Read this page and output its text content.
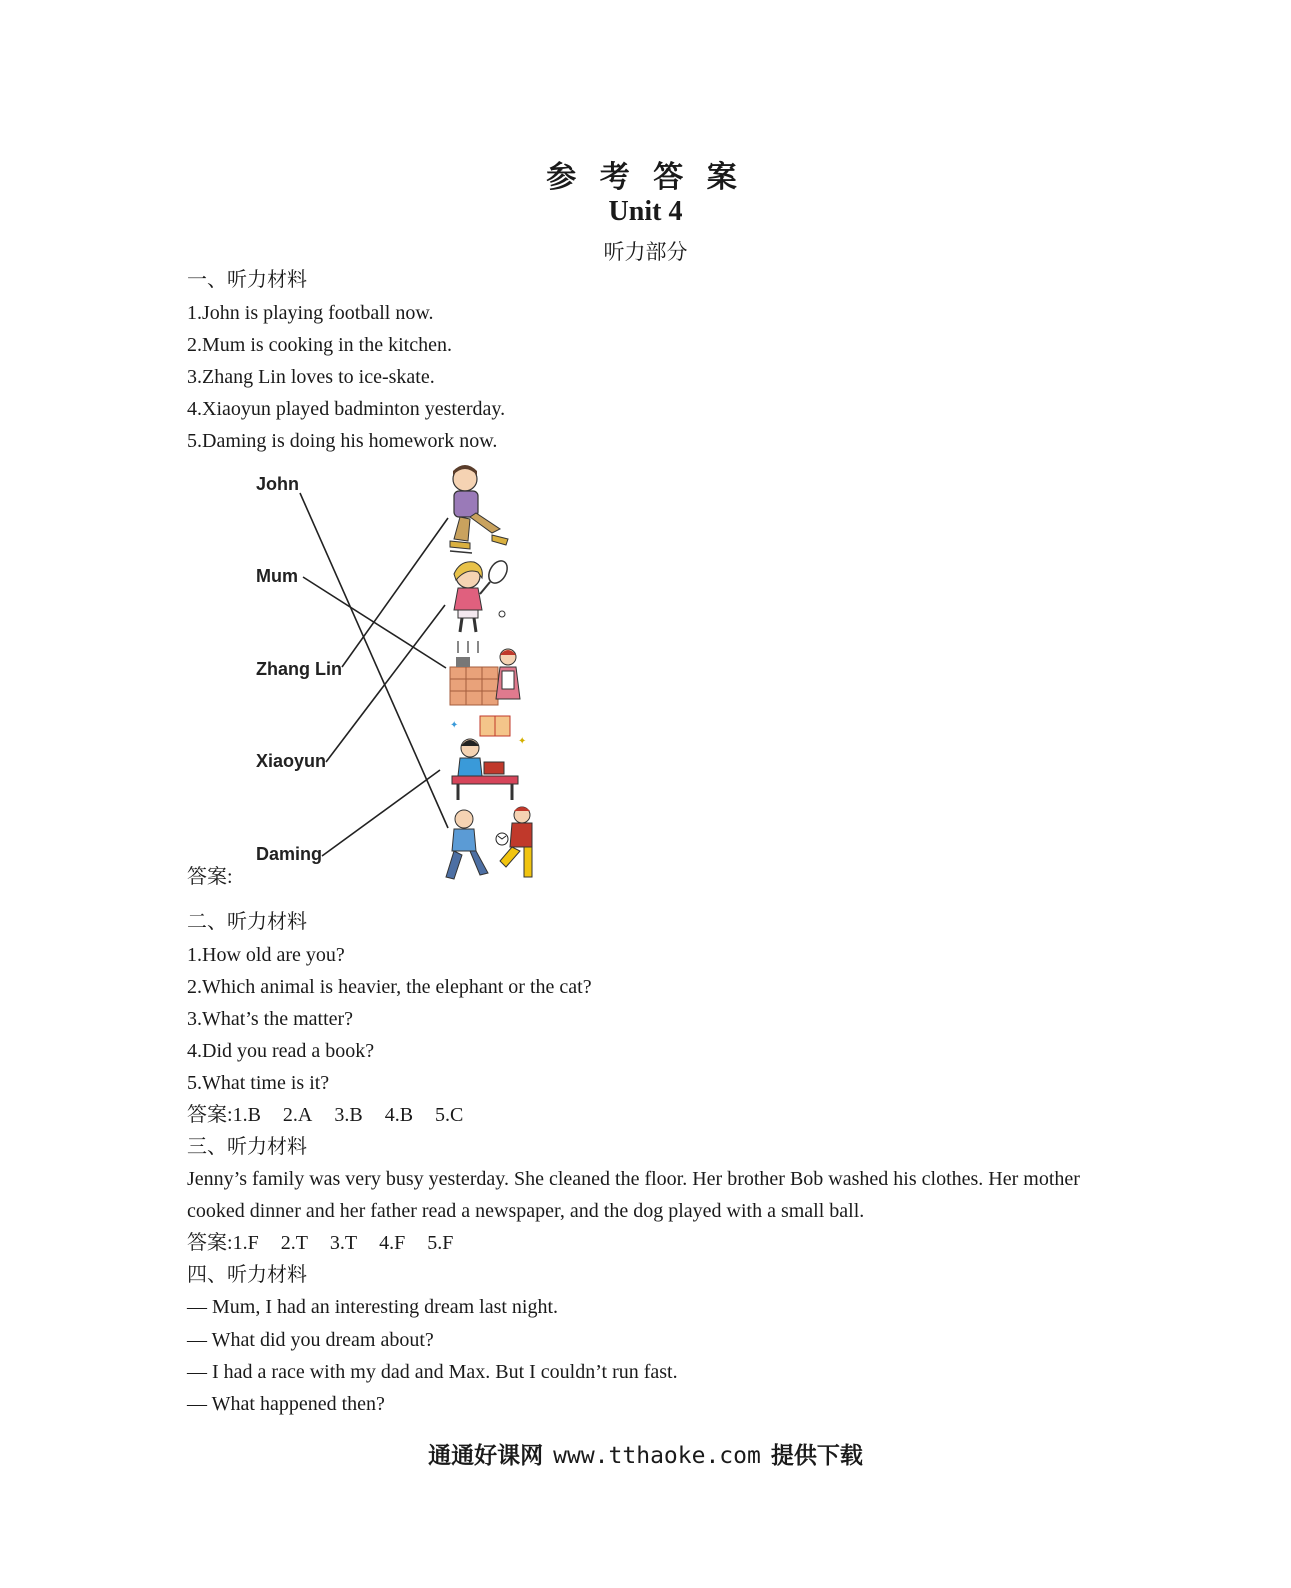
参 考 答 案
Unit 4
听力部分
一、听力材料
1.John is playing football now.
2.Mum is cooking in the kitchen.
3.Zhang Lin loves to ice-skate.
4.Xiaoyun played badminton yesterday.
5.Daming is doing his homework now.
John
Mum
Zhang Lin
Xiaoyun
Daming
✦
✦
答案:
二、听力材料
1.How old are you?
2.Which animal is heavier, the elephant or the cat?
3.What’s the matter?
4.Did you read a book?
5.What time is it?
答案:1.B 2.A 3.B 4.B 5.C
三、听力材料
Jenny’s family was very busy yesterday. She cleaned the floor. Her brother Bob washed his clothes. Her mother cooked dinner and her father read a newspaper, and the dog played with a small ball.
答案:1.F 2.T 3.T 4.F 5.F
四、听力材料
— Mum, I had an interesting dream last night.
— What did you dream about?
— I had a race with my dad and Max. But I couldn’t run fast.
— What happened then?
通通好课网 www.tthaoke.com 提供下载
